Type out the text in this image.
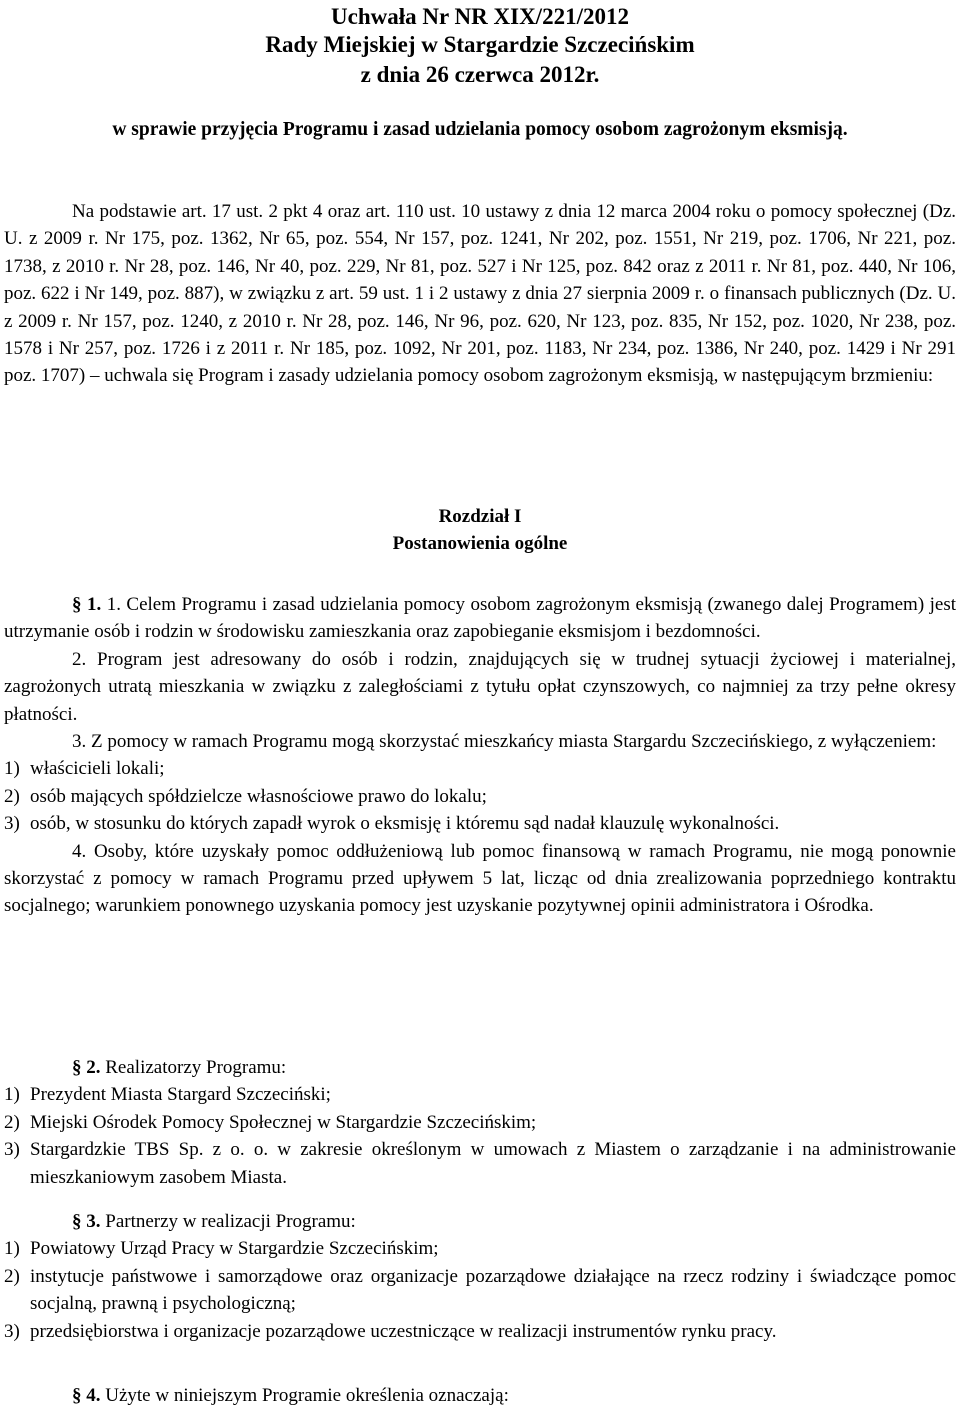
Uchwała Nr NR XIX/221/2012
Rady Miejskiej w Stargardzie Szczecińskim
z dnia 26 czerwca 2012r.
w sprawie przyjęcia Programu i zasad udzielania pomocy osobom zagrożonym eksmisją.
Na podstawie art. 17 ust. 2 pkt 4 oraz art. 110 ust. 10 ustawy z dnia 12 marca 2004 roku o pomocy społecznej (Dz. U. z 2009 r. Nr 175, poz. 1362, Nr 65, poz. 554, Nr 157, poz. 1241, Nr 202, poz. 1551, Nr 219, poz. 1706, Nr 221, poz. 1738, z 2010 r. Nr 28, poz. 146, Nr 40, poz. 229, Nr 81, poz. 527 i Nr 125, poz. 842 oraz z 2011 r. Nr 81, poz. 440, Nr 106, poz. 622 i Nr 149, poz. 887), w związku z art. 59 ust. 1 i 2 ustawy z dnia 27 sierpnia 2009 r. o finansach publicznych (Dz. U. z 2009 r. Nr 157, poz. 1240, z 2010 r. Nr 28, poz. 146, Nr 96, poz. 620, Nr 123, poz. 835, Nr 152, poz. 1020, Nr 238, poz. 1578 i Nr 257, poz. 1726 i z 2011 r. Nr 185, poz. 1092, Nr 201, poz. 1183, Nr 234, poz. 1386, Nr 240, poz. 1429 i Nr 291 poz. 1707) – uchwala się Program i zasady udzielania pomocy osobom zagrożonym eksmisją, w następującym brzmieniu:
Rozdział I
Postanowienia ogólne
§ 1. 1. Celem Programu i zasad udzielania pomocy osobom zagrożonym eksmisją (zwanego dalej Programem) jest utrzymanie osób i rodzin w środowisku zamieszkania oraz zapobieganie eksmisjom i bezdomności.
2. Program jest adresowany do osób i rodzin, znajdujących się w trudnej sytuacji życiowej i materialnej, zagrożonych utratą mieszkania w związku z zaległościami z tytułu opłat czynszowych, co najmniej za trzy pełne okresy płatności.
3. Z pomocy w ramach Programu mogą skorzystać mieszkańcy miasta Stargardu Szczecińskiego, z wyłączeniem:
1) właścicieli lokali;
2) osób mających spółdzielcze własnościowe prawo do lokalu;
3) osób, w stosunku do których zapadł wyrok o eksmisję i któremu sąd nadał klauzulę wykonalności.
4. Osoby, które uzyskały pomoc oddłużeniową lub pomoc finansową w ramach Programu, nie mogą ponownie skorzystać z pomocy w ramach Programu przed upływem 5 lat, licząc od dnia zrealizowania poprzedniego kontraktu socjalnego; warunkiem ponownego uzyskania pomocy jest uzyskanie pozytywnej opinii administratora i Ośrodka.
§ 2. Realizatorzy Programu:
1) Prezydent Miasta Stargard Szczeciński;
2) Miejski Ośrodek Pomocy Społecznej w Stargardzie Szczecińskim;
3) Stargardzkie TBS Sp. z o. o. w zakresie określonym w umowach z Miastem o zarządzanie i na administrowanie mieszkaniowym zasobem Miasta.
§ 3. Partnerzy w realizacji Programu:
1) Powiatowy Urząd Pracy w Stargardzie Szczecińskim;
2) instytucje państwowe i samorządowe oraz organizacje pozarządowe działające na rzecz rodziny i świadczące pomoc socjalną, prawną i psychologiczną;
3) przedsiębiorstwa i organizacje pozarządowe uczestniczące w realizacji instrumentów rynku pracy.
§ 4. Użyte w niniejszym Programie określenia oznaczają:
